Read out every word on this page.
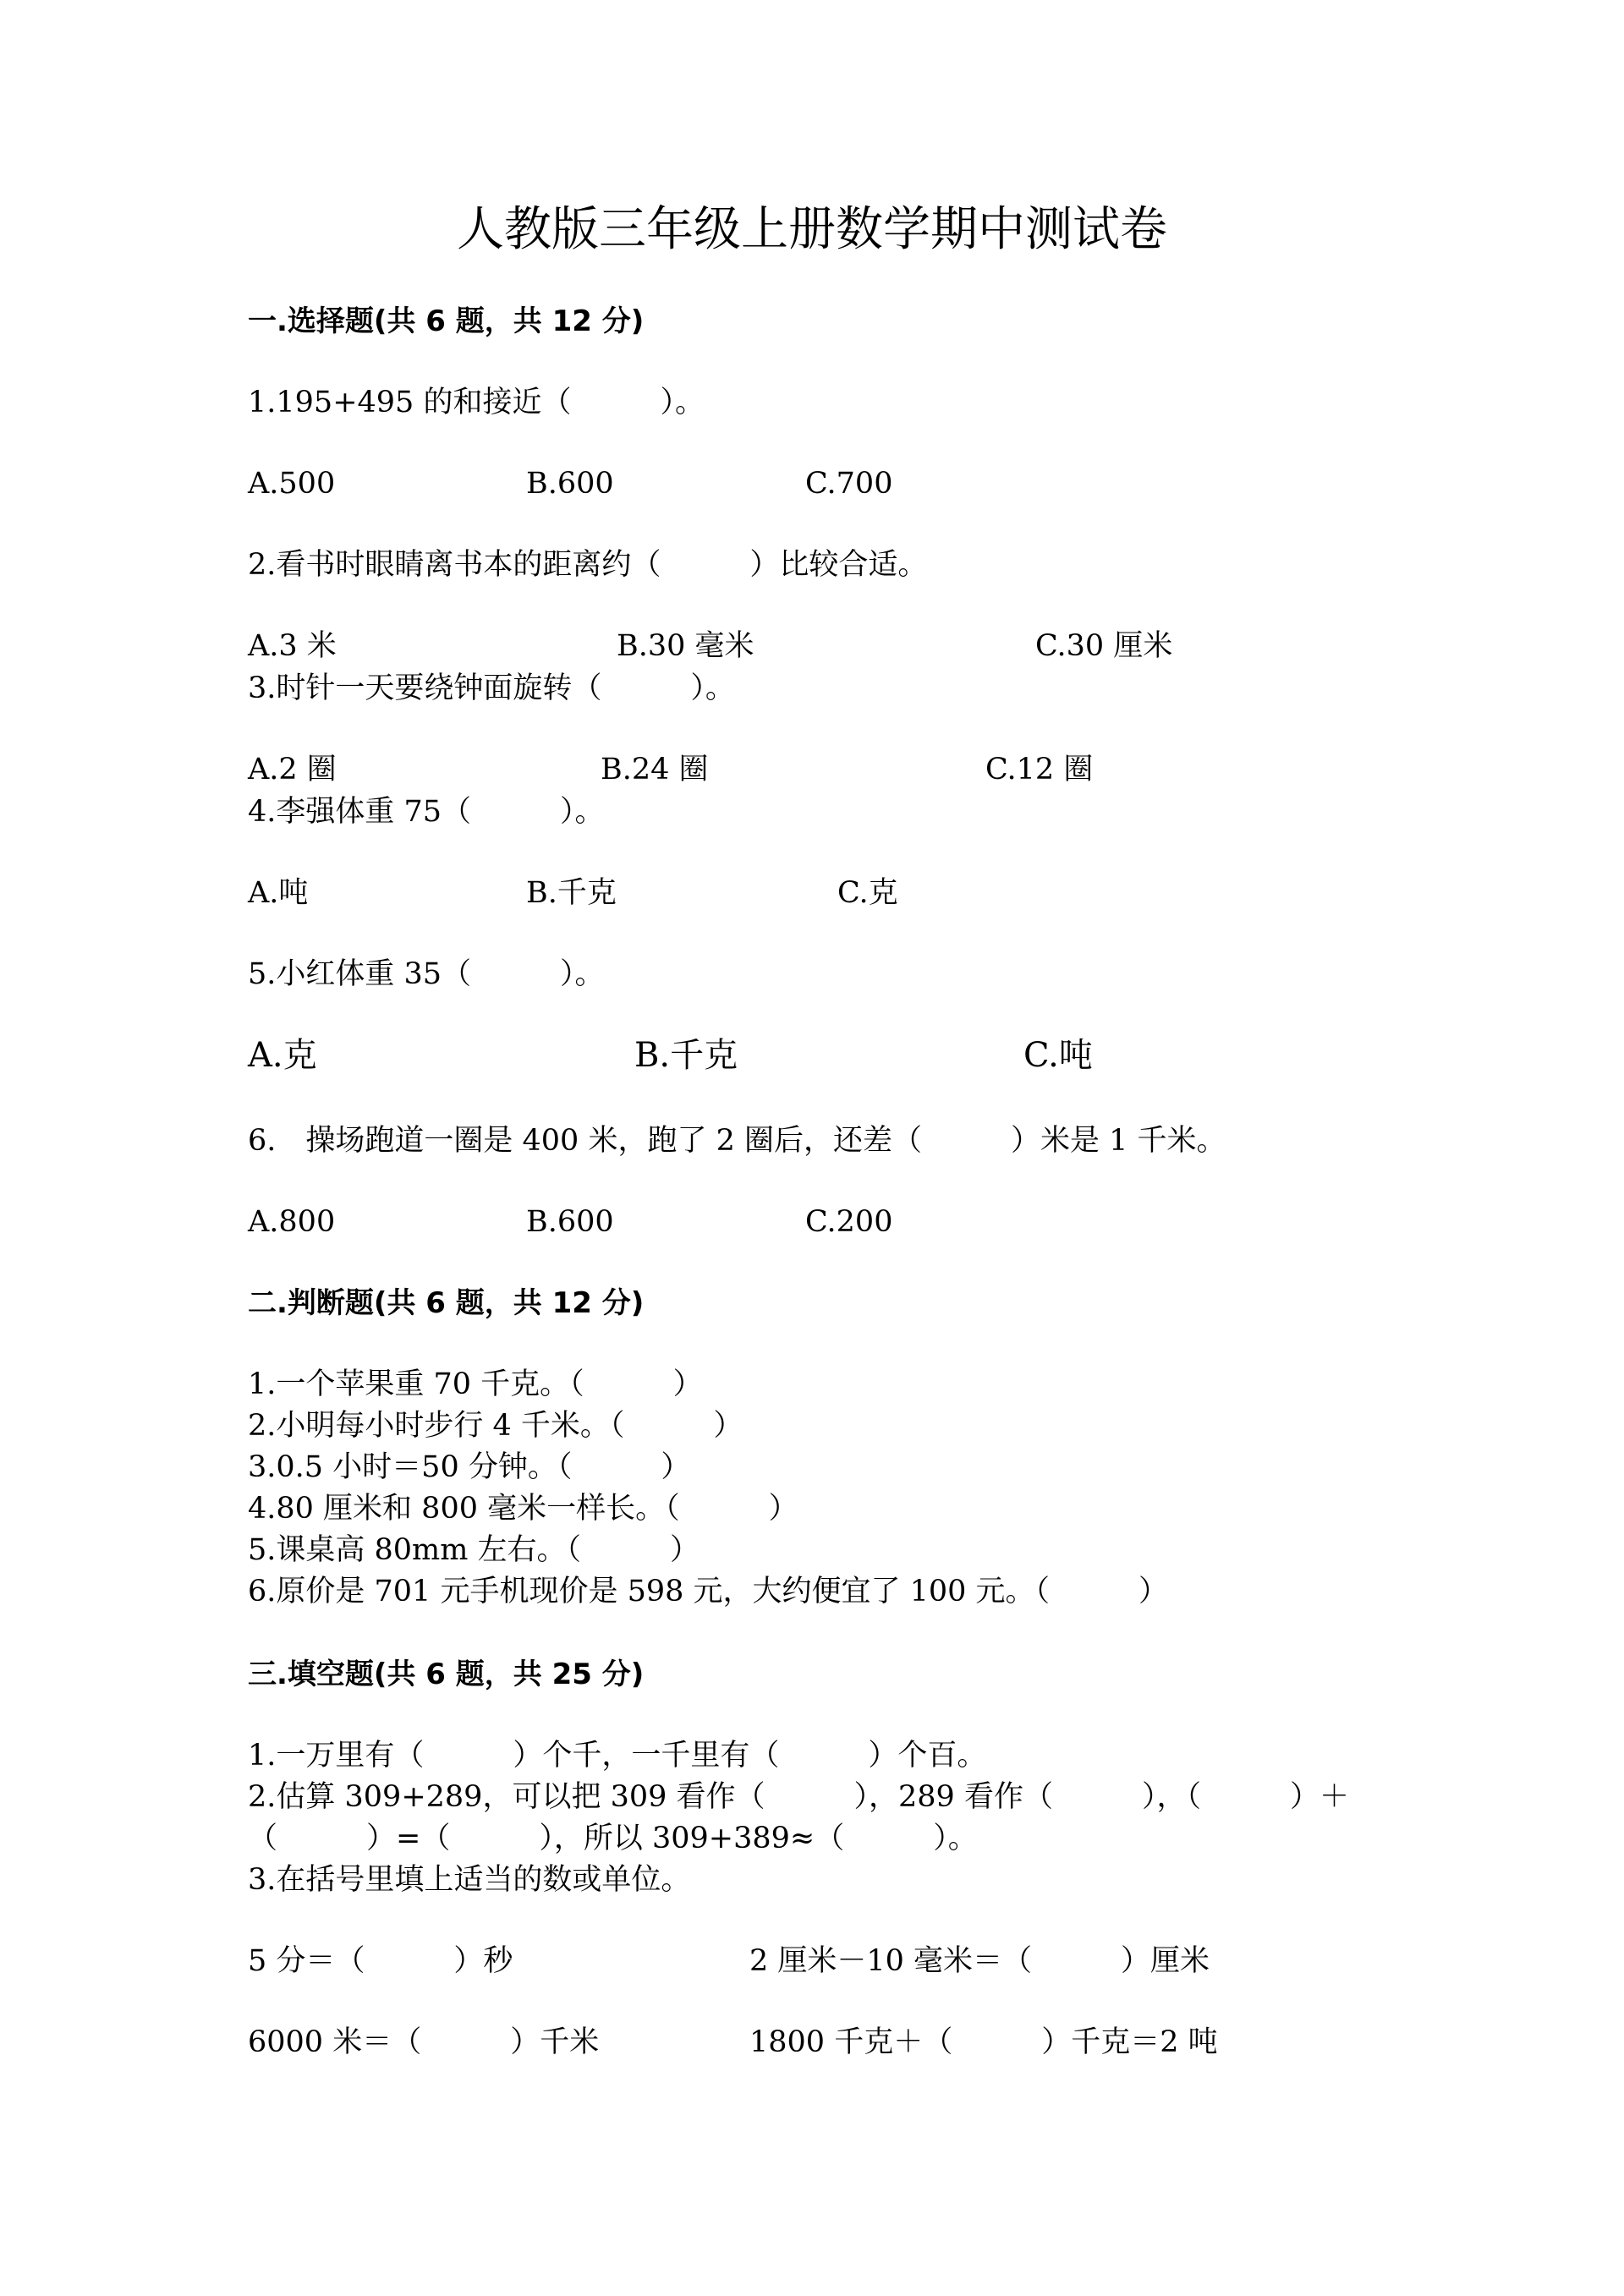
人教版三年级上册数学期中测试卷
一.选择题(共 6 题，共 12 分)
1.195+495 的和接近（　　　）。
A.500	B.600	C.700
2.看书时眼睛离书本的距离约（　　　）比较合适。
A.3 米	B.30 毫米	C.30 厘米
3.时针一天要绕钟面旋转（　　　）。
A.2 圈	B.24 圈	C.12 圈
4.李强体重 75（　　　）。
A.吨	B.千克	C.克
5.小红体重 35（　　　）。
A.克	B.千克	C.吨
6.　操场跑道一圈是 400 米，跑了 2 圈后，还差（　　　）米是 1 千米。
A.800	B.600	C.200
二.判断题(共 6 题，共 12 分)
1.一个苹果重 70 千克。（　　　）
2.小明每小时步行 4 千米。（　　　）
3.0.5 小时＝50 分钟。（　　　）
4.80 厘米和 800 毫米一样长。（　　　）
5.课桌高 80mm 左右。（　　　）
6.原价是 701 元手机现价是 598 元，大约便宜了 100 元。（　　　）
三.填空题(共 6 题，共 25 分)
1.一万里有（　　　）个千，一千里有（　　　）个百。
2.估算 309+289，可以把 309 看作（　　　），289 看作（　　　），（　　　）＋
（　　　）=（　　　），所以 309+389≈（　　　）。
3.在括号里填上适当的数或单位。
5 分＝（　　　）秒	2 厘米－10 毫米＝（　　　）厘米
6000 米＝（　　　）千米	1800 千克＋（　　　）千克＝2 吨
